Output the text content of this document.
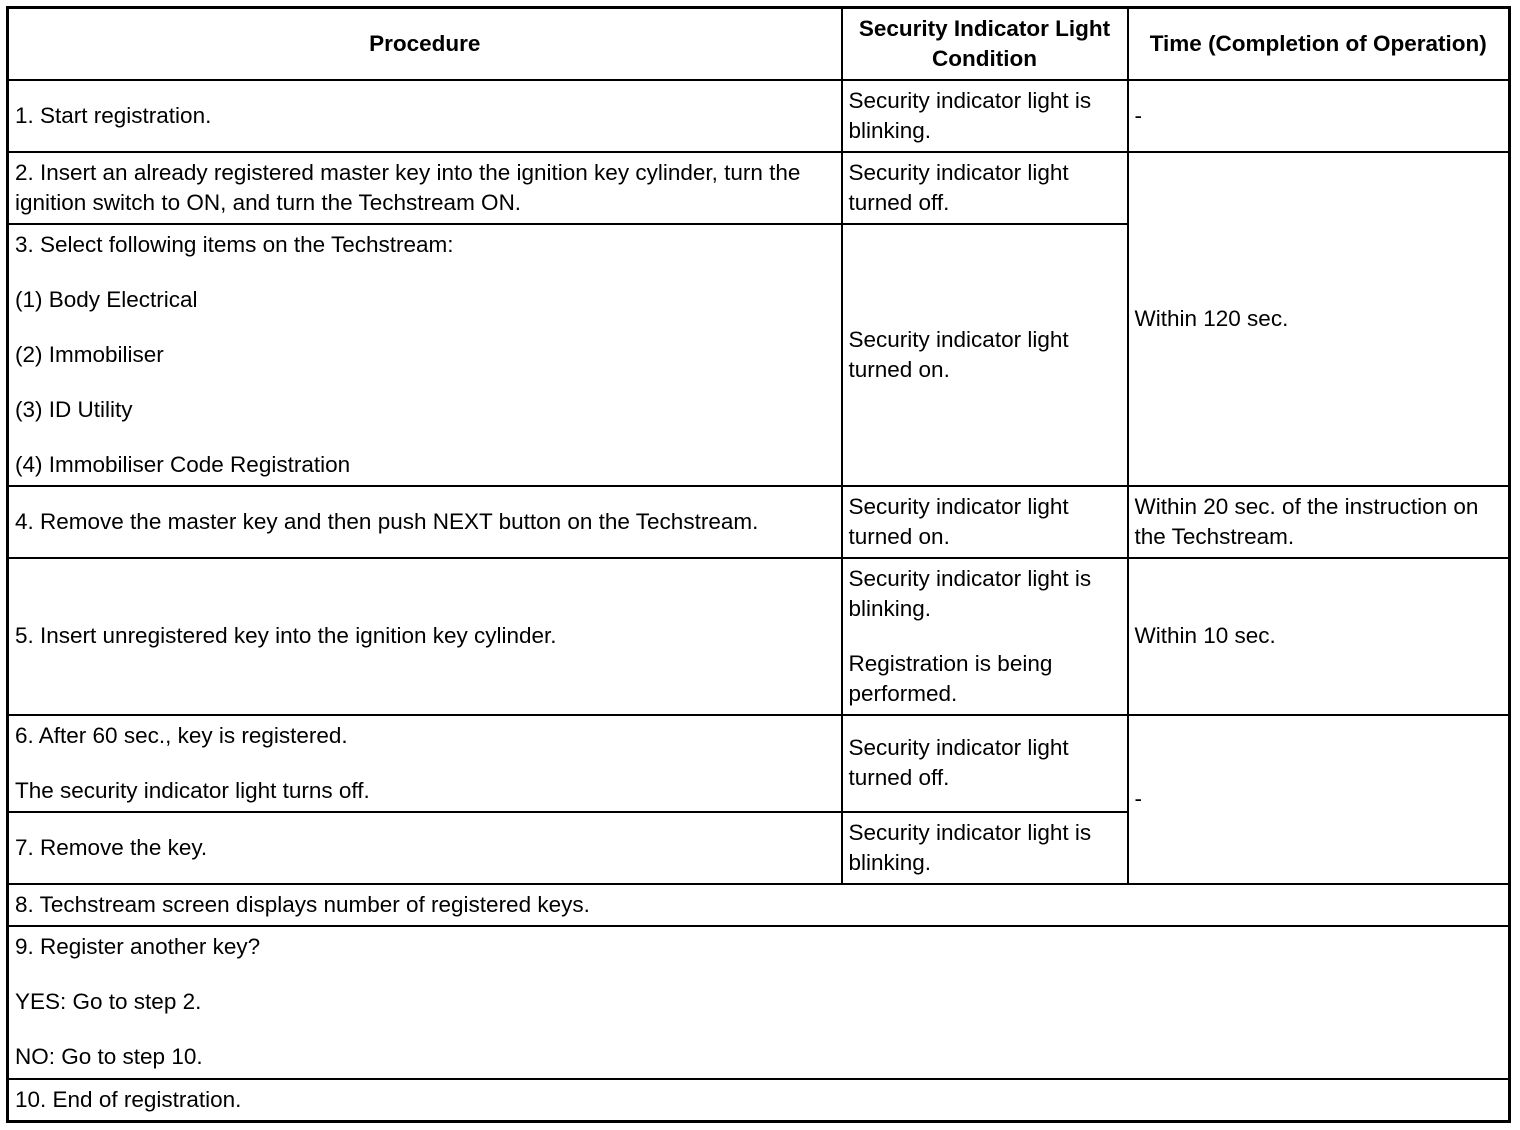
Procedure	Security Indicator Light Condition	Time (Completion of Operation)
1. Start registration.	Security indicator light is blinking.	-
2. Insert an already registered master key into the ignition key cylinder, turn the ignition switch to ON, and turn the Techstream ON.	Security indicator light turned off.	Within 120 sec.

3. Select following items on the Techstream:
(1) Body Electrical
(2) Immobiliser
(3) ID Utility
(4) Immobiliser Code Registration	Security indicator light turned on.	
4. Remove the master key and then push NEXT button on the Techstream.	Security indicator light turned on.	Within 20 sec. of the instruction on the Techstream.
5. Insert unregistered key into the ignition key cylinder.	Security indicator light is blinking.
Registration is being performed.	Within 10 sec.

6. After 60 sec., key is registered.
The security indicator light turns off.	Security indicator light turned off.	-
7. Remove the key.	Security indicator light is blinking.	
8. Techstream screen displays number of registered keys.		

9. Register another key?
YES: Go to step 2.
NO: Go to step 10.		

10. End of registration.		
